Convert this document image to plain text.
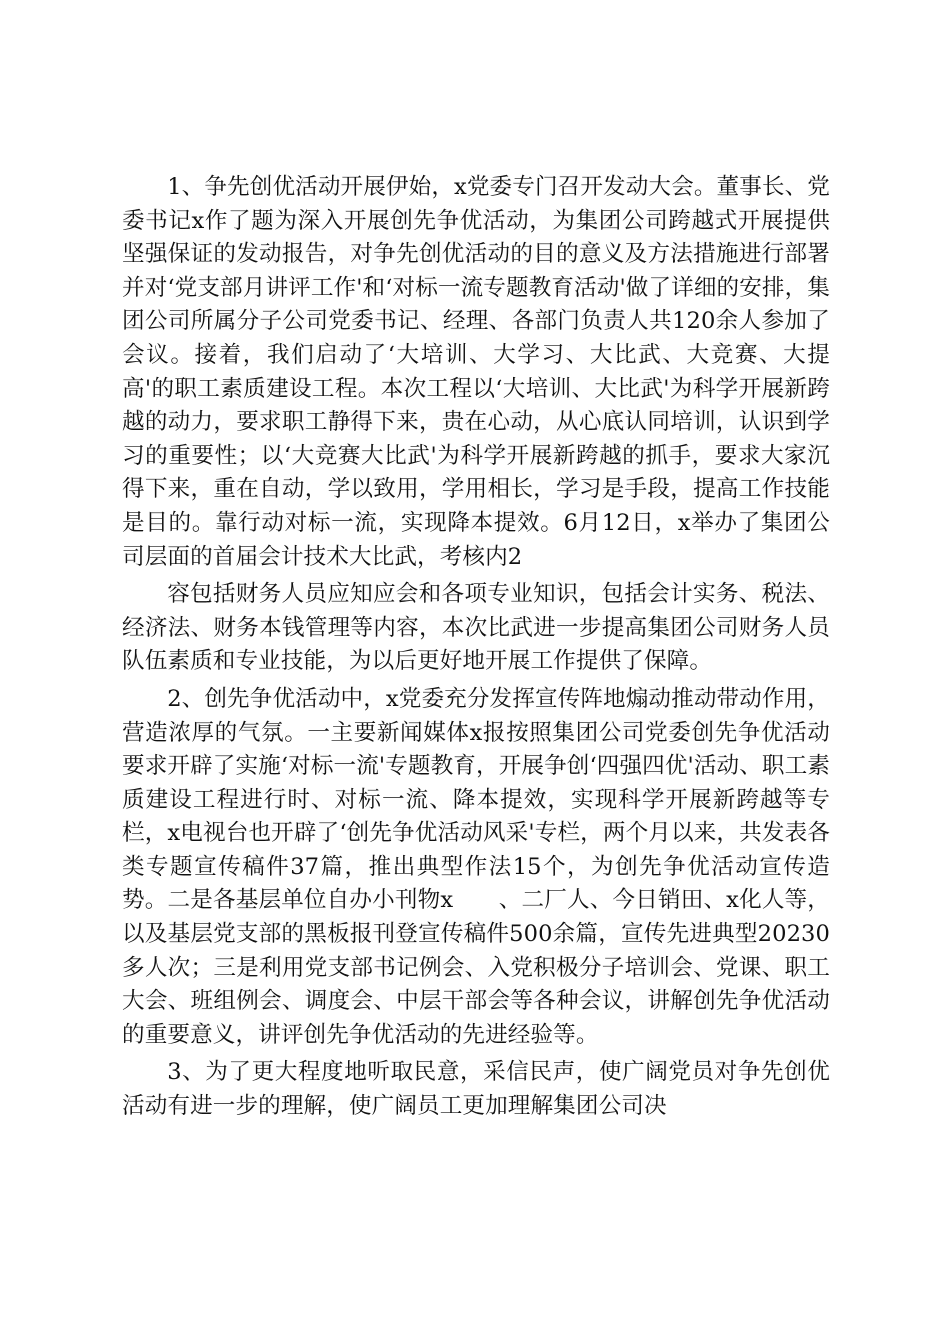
1、争先创优活动开展伊始，x党委专门召开发动大会。董事长、党委书记x作了题为深入开展创先争优活动，为集团公司跨越式开展提供坚强保证的发动报告，对争先创优活动的目的意义及方法措施进行部署并对‘党支部月讲评工作'和‘对标一流专题教育活动'做了详细的安排，集团公司所属分子公司党委书记、经理、各部门负责人共120余人参加了会议。接着，我们启动了‘大培训、大学习、大比武、大竞赛、大提高'的职工素质建设工程。本次工程以‘大培训、大比武'为科学开展新跨越的动力，要求职工静得下来，贵在心动，从心底认同培训，认识到学习的重要性；以‘大竞赛大比武'为科学开展新跨越的抓手，要求大家沉得下来，重在自动，学以致用，学用相长，学习是手段，提高工作技能是目的。靠行动对标一流，实现降本提效。6月12日，x举办了集团公司层面的首届会计技术大比武，考核内2

容包括财务人员应知应会和各项专业知识，包括会计实务、税法、经济法、财务本钱管理等内容，本次比武进一步提高集团公司财务人员队伍素质和专业技能，为以后更好地开展工作提供了保障。

2、创先争优活动中，x党委充分发挥宣传阵地煽动推动带动作用，营造浓厚的气氛。一主要新闻媒体x报按照集团公司党委创先争优活动要求开辟了实施‘对标一流'专题教育，开展争创‘四强四优'活动、职工素质建设工程进行时、对标一流、降本提效，实现科学开展新跨越等专栏，x电视台也开辟了‘创先争优活动风采'专栏，两个月以来，共发表各类专题宣传稿件37篇，推出典型作法15个，为创先争优活动宣传造势。二是各基层单位自办小刊物x　　、二厂人、今日销田、x化人等，以及基层党支部的黑板报刊登宣传稿件500余篇，宣传先进典型20230多人次；三是利用党支部书记例会、入党积极分子培训会、党课、职工大会、班组例会、调度会、中层干部会等各种会议，讲解创先争优活动的重要意义，讲评创先争优活动的先进经验等。

3、为了更大程度地听取民意，采信民声，使广阔党员对争先创优活动有进一步的理解，使广阔员工更加理解集团公司决
